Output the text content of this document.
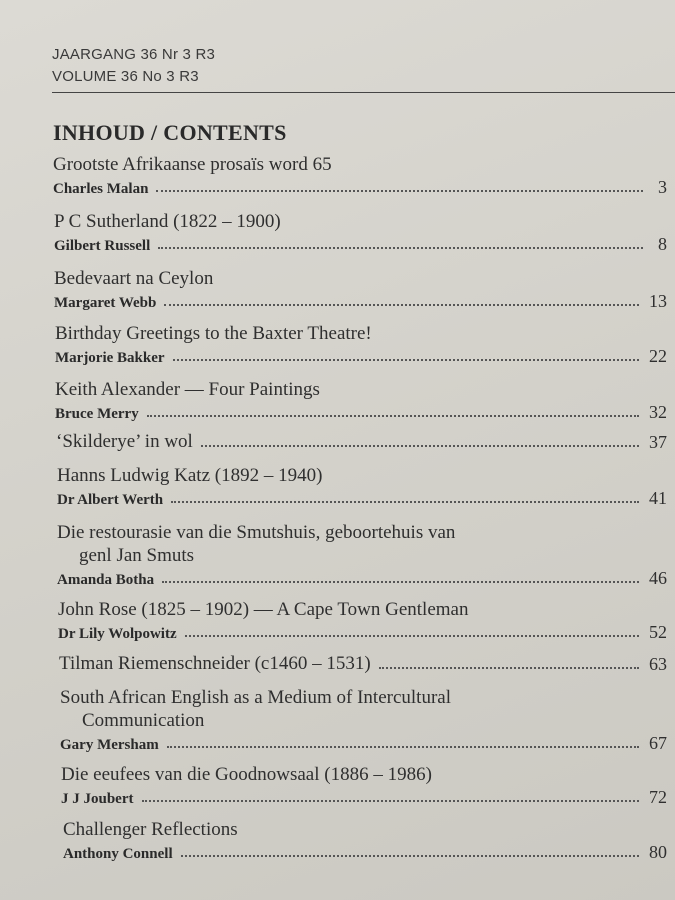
JAARGANG 36 Nr 3 R3
VOLUME 36 No 3 R3
INHOUD / CONTENTS
Grootste Afrikaanse prosaïs word 65
Charles Malan	3
P C Sutherland (1822 – 1900)
Gilbert Russell	8
Bedevaart na Ceylon
Margaret Webb	13
Birthday Greetings to the Baxter Theatre!
Marjorie Bakker	22
Keith Alexander — Four Paintings
Bruce Merry	32
‘Skilderye’ in wol	37
Hanns Ludwig Katz (1892 – 1940)
Dr Albert Werth	41
Die restourasie van die Smutshuis, geboortehuis van
genl Jan Smuts
Amanda Botha	46
John Rose (1825 – 1902) — A Cape Town Gentleman
Dr Lily Wolpowitz	52
Tilman Riemenschneider (c1460 – 1531)	63
South African English as a Medium of Intercultural
Communication
Gary Mersham	67
Die eeufees van die Goodnowsaal (1886 – 1986)
J J Joubert	72
Challenger Reflections
Anthony Connell	80
